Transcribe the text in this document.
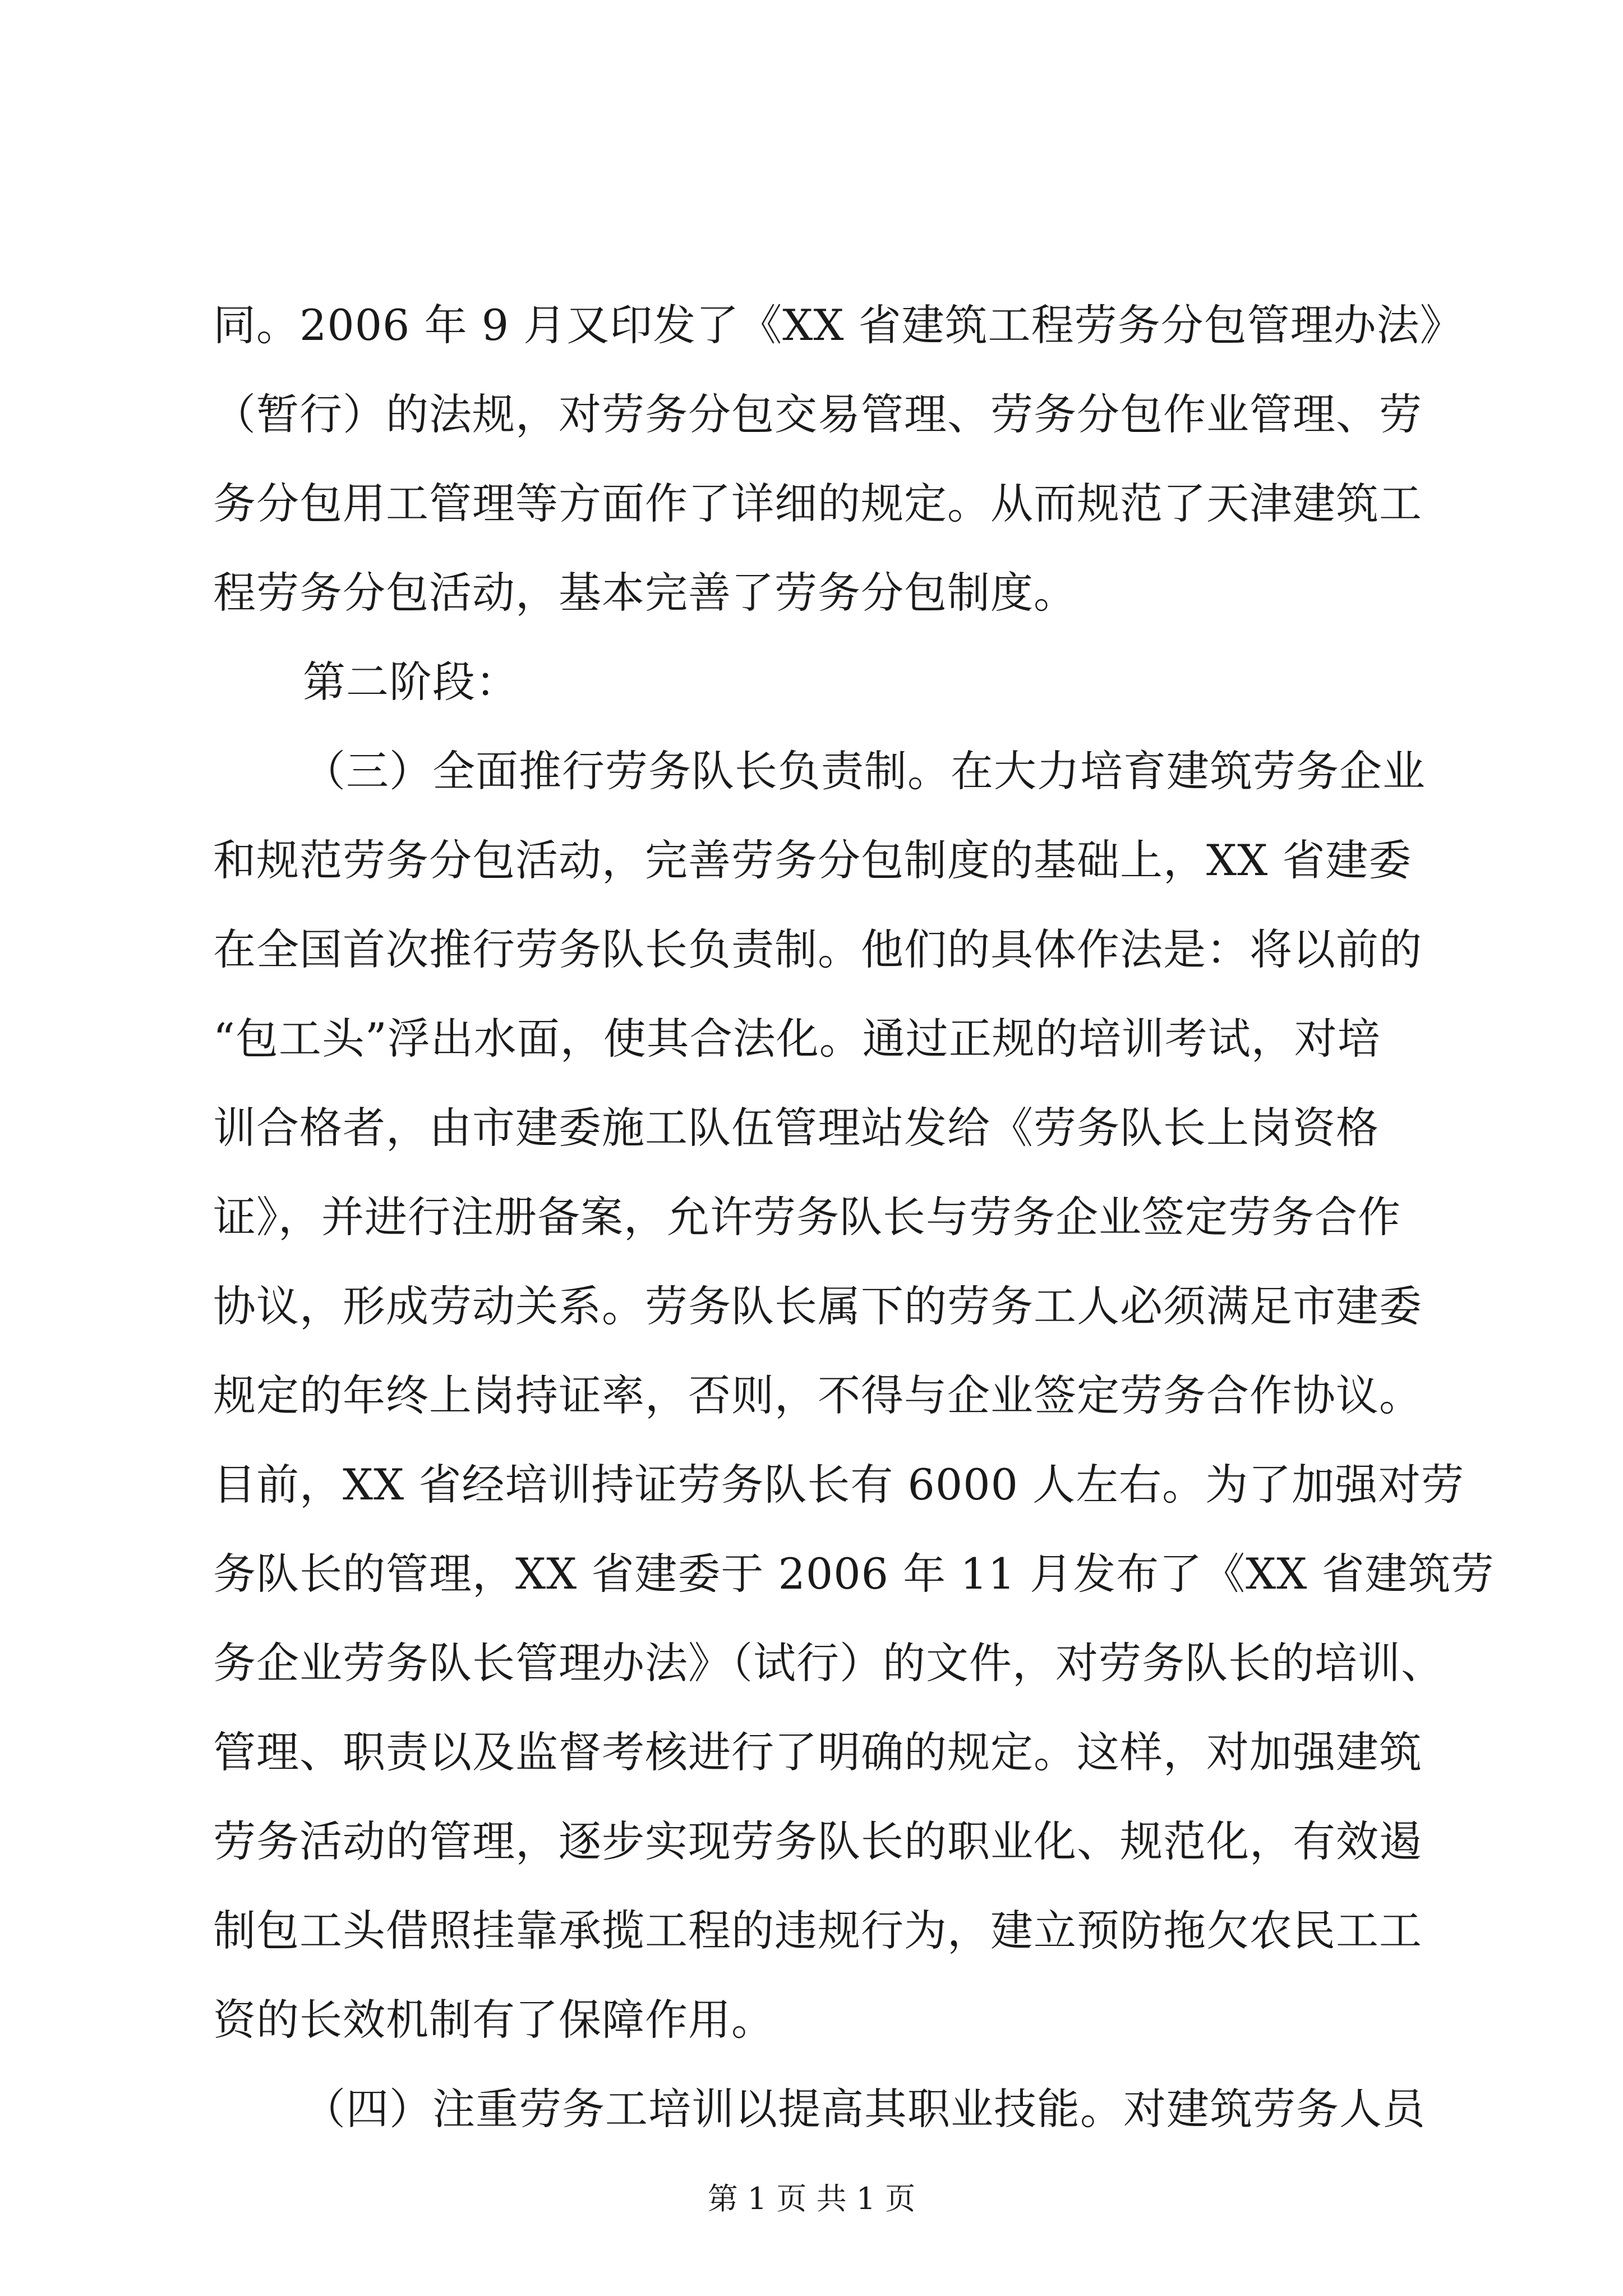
同。2006 年 9 月又印发了《XX 省建筑工程劳务分包管理办法》
（暂行）的法规，对劳务分包交易管理、劳务分包作业管理、劳
务分包用工管理等方面作了详细的规定。从而规范了天津建筑工
程劳务分包活动，基本完善了劳务分包制度。
第二阶段：
（三）全面推行劳务队长负责制。在大力培育建筑劳务企业
和规范劳务分包活动，完善劳务分包制度的基础上，XX 省建委
在全国首次推行劳务队长负责制。他们的具体作法是：将以前的
“包工头”浮出水面，使其合法化。通过正规的培训考试，对培
训合格者，由市建委施工队伍管理站发给《劳务队长上岗资格
证》，并进行注册备案，允许劳务队长与劳务企业签定劳务合作
协议，形成劳动关系。劳务队长属下的劳务工人必须满足市建委
规定的年终上岗持证率，否则，不得与企业签定劳务合作协议。
目前，XX 省经培训持证劳务队长有 6000 人左右。为了加强对劳
务队长的管理，XX 省建委于 2006 年 11 月发布了《XX 省建筑劳
务企业劳务队长管理办法》（试行）的文件，对劳务队长的培训、
管理、职责以及监督考核进行了明确的规定。这样，对加强建筑
劳务活动的管理，逐步实现劳务队长的职业化、规范化，有效遏
制包工头借照挂靠承揽工程的违规行为，建立预防拖欠农民工工
资的长效机制有了保障作用。
（四）注重劳务工培训以提高其职业技能。对建筑劳务人员
第 1 页 共 1 页
